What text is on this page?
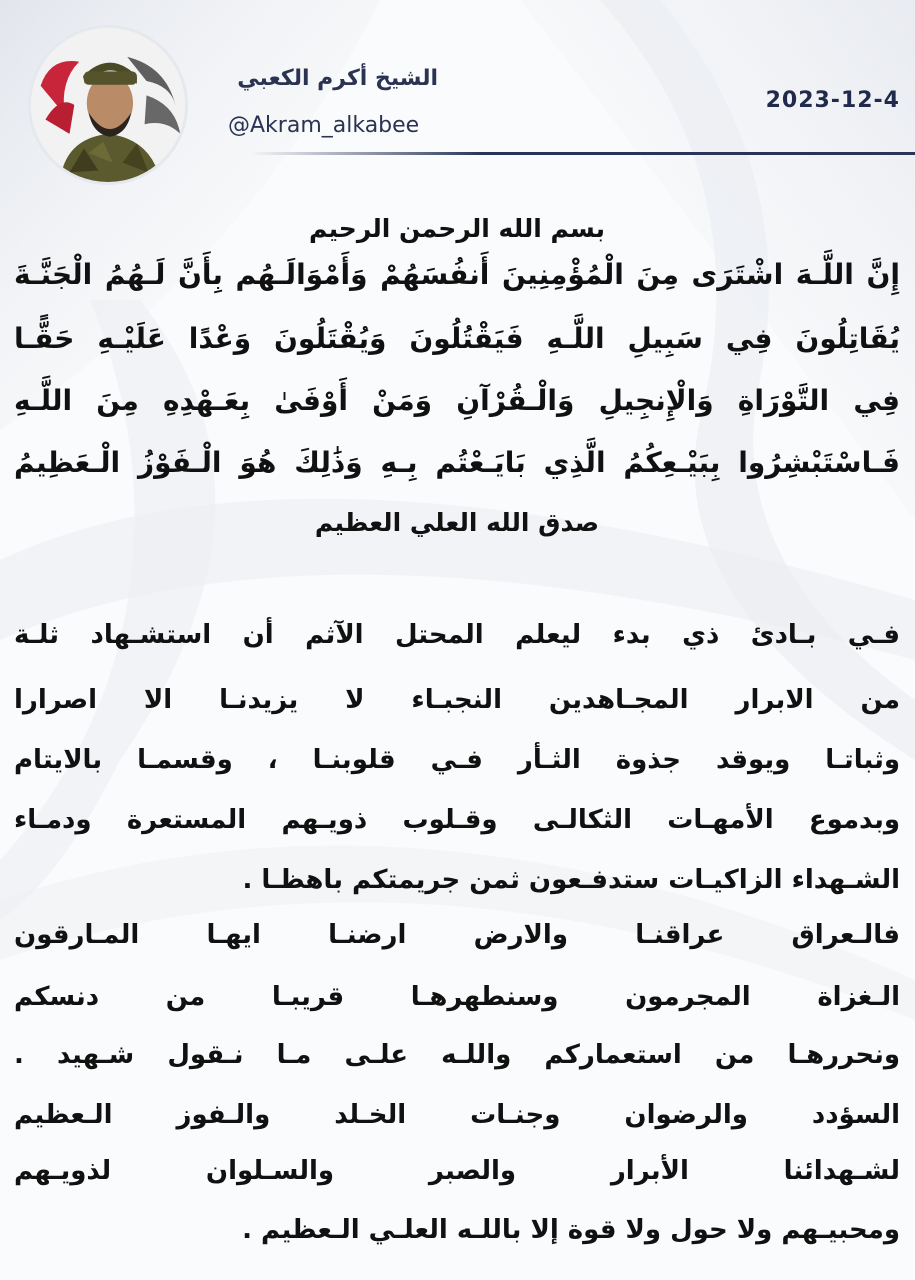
الشيخ أكرم الكعبي
@Akram_alkabee
2023-12-4
بسم الله الرحمن الرحيم
إِنَّ اللَّـهَ اشْتَرَى مِنَ الْمُؤْمِنِينَ أَنفُسَهُمْ وَأَمْوَالَـهُم بِأَنَّ لَـهُمُ الْجَنَّـةَ
يُقَاتِلُونَ فِي سَبِيلِ اللَّـهِ فَيَقْتُلُونَ وَيُقْتَلُونَ وَعْدًا عَلَيْـهِ حَقًّـا
فِي التَّوْرَاةِ وَالْإِنجِيلِ وَالْـقُرْآنِ وَمَنْ أَوْفَىٰ بِعَـهْدِهِ مِنَ اللَّـهِ
فَـاسْتَبْشِرُوا بِبَيْـعِكُمُ الَّذِي بَايَـعْتُم بِـهِ وَذَٰلِكَ هُوَ الْـفَوْزُ الْـعَظِيمُ
صدق الله العلي العظيم
فـي بـادئ ذي بدء ليعلم المحتل الآثم أن استشـهاد ثلـة
من الابرار المجـاهدين النجبـاء لا يزيدنـا الا اصرارا
وثباتـا ويوقد جذوة الثـأر فـي قلوبنـا ، وقسمـا بالايتام
وبدموع الأمهـات الثكالـى وقـلوب ذويـهم المستعرة ودمـاء
الشـهداء الزاكيـات ستدفـعون ثمن جريمتكم باهظـا .
فالـعراق عراقنـا والارض ارضنـا ايهـا المـارقون
الـغزاة المجرمون وسنطهرهـا قريبـا من دنسكم
ونحررهـا من استعماركم واللـه علـى مـا نـقول شـهيد .
السؤدد والرضوان وجنـات الخـلد والـفوز الـعظيم
لشـهدائنا الأبرار والصبر والسـلوان لذويـهم
ومحبيـهم ولا حول ولا قوة إلا باللـه العلـي الـعظيم .
